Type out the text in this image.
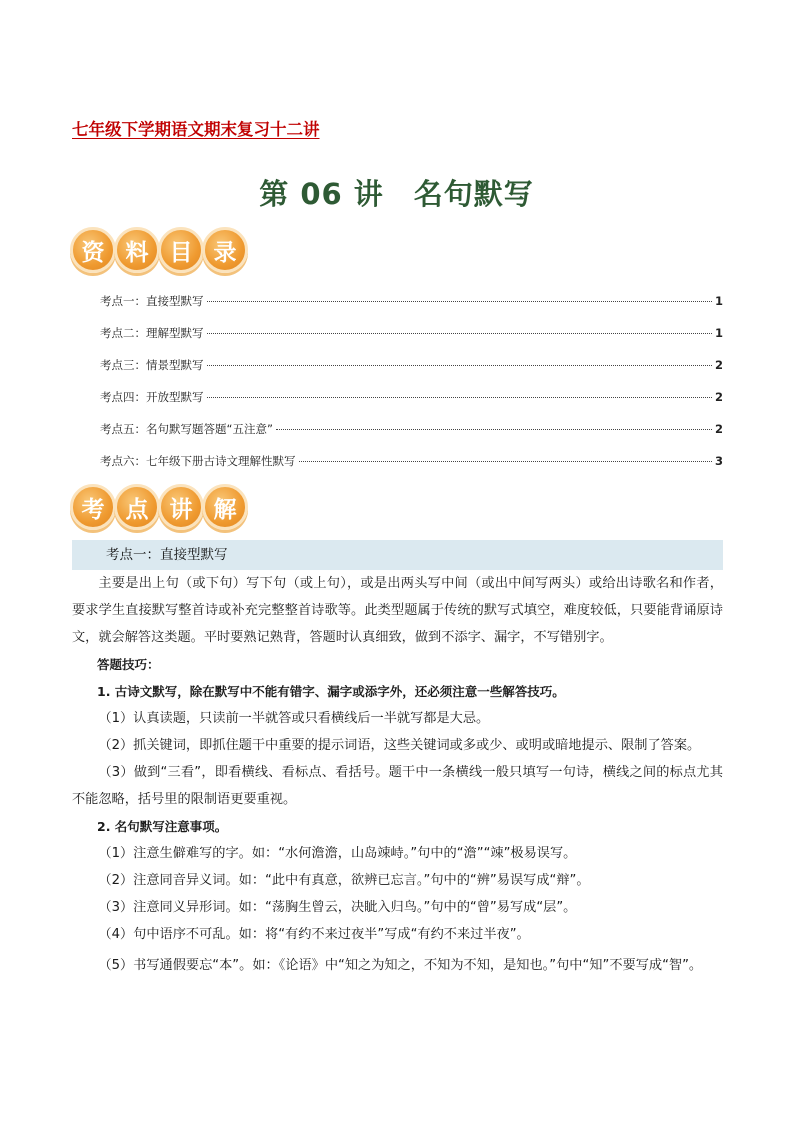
七年级下学期语文期末复习十二讲
第 06 讲　名句默写
资 料 目 录
考点一：直接型默写	1
考点二：理解型默写	1
考点三：情景型默写	2
考点四：开放型默写	2
考点五：名句默写题答题“五注意”	2
考点六：七年级下册古诗文理解性默写	3
考 点 讲 解
考点一：直接型默写

主要是出上句（或下句）写下句（或上句），或是出两头写中间（或出中间写两头）或给出诗歌名和作者，要求学生直接默写整首诗或补充完整整首诗歌等。此类型题属于传统的默写式填空，难度较低，只要能背诵原诗文，就会解答这类题。平时要熟记熟背，答题时认真细致，做到不添字、漏字，不写错别字。

答题技巧：

1. 古诗文默写，除在默写中不能有错字、漏字或添字外，还必须注意一些解答技巧。

（1）认真读题，只读前一半就答或只看横线后一半就写都是大忌。

（2）抓关键词，即抓住题干中重要的提示词语，这些关键词或多或少、或明或暗地提示、限制了答案。

（3）做到“三看”，即看横线、看标点、看括号。题干中一条横线一般只填写一句诗，横线之间的标点尤其不能忽略，括号里的限制语更要重视。

2. 名句默写注意事项。

（1）注意生僻难写的字。如：“水何澹澹，山岛竦峙。”句中的“澹”“竦”极易误写。

（2）注意同音异义词。如：“此中有真意，欲辨已忘言。”句中的“辨”易误写成“辩”。

（3）注意同义异形词。如：“荡胸生曾云，决眦入归鸟。”句中的“曾”易写成“层”。

（4）句中语序不可乱。如：将“有约不来过夜半”写成“有约不来过半夜”。

（5）书写通假要忘“本”。如：《论语》中“知之为知之，不知为不知，是知也。”句中“知”不要写成“智”。
